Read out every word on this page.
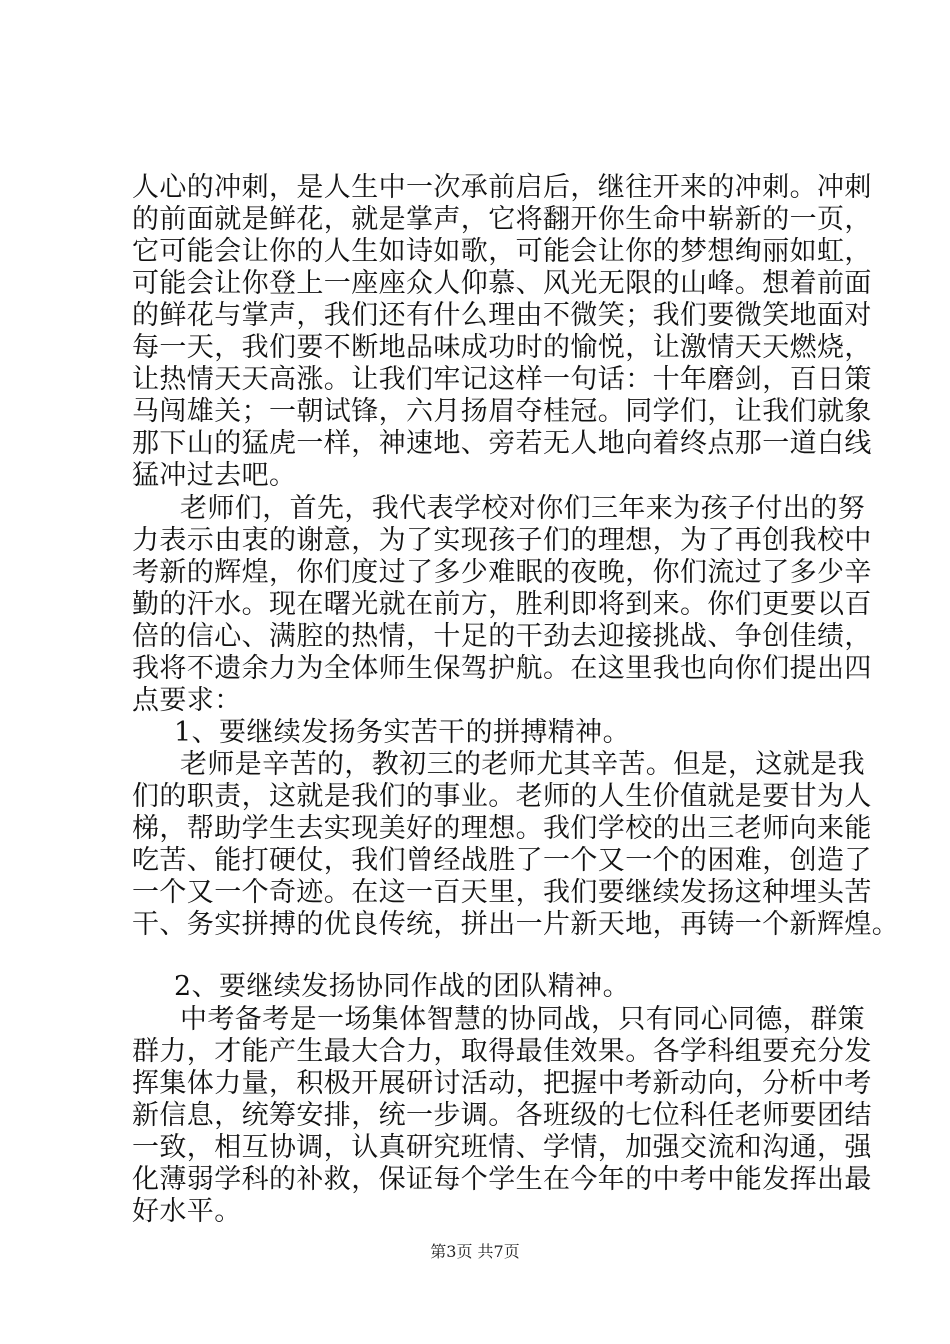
人心的冲刺，是人生中一次承前启后，继往开来的冲刺。冲刺
的前面就是鲜花，就是掌声，它将翻开你生命中崭新的一页，
它可能会让你的人生如诗如歌，可能会让你的梦想绚丽如虹，
可能会让你登上一座座众人仰慕、风光无限的山峰。想着前面
的鲜花与掌声，我们还有什么理由不微笑；我们要微笑地面对
每一天，我们要不断地品味成功时的愉悦，让激情天天燃烧，
让热情天天高涨。让我们牢记这样一句话：十年磨剑，百日策
马闯雄关；一朝试锋，六月扬眉夺桂冠。同学们，让我们就象
那下山的猛虎一样，神速地、旁若无人地向着终点那一道白线
猛冲过去吧。
老师们，首先，我代表学校对你们三年来为孩子付出的努
力表示由衷的谢意，为了实现孩子们的理想，为了再创我校中
考新的辉煌，你们度过了多少难眠的夜晚，你们流过了多少辛
勤的汗水。现在曙光就在前方，胜利即将到来。你们更要以百
倍的信心、满腔的热情，十足的干劲去迎接挑战、争创佳绩，
我将不遗余力为全体师生保驾护航。在这里我也向你们提出四
点要求：
1、要继续发扬务实苦干的拼搏精神。
老师是辛苦的，教初三的老师尤其辛苦。但是，这就是我
们的职责，这就是我们的事业。老师的人生价值就是要甘为人
梯，帮助学生去实现美好的理想。我们学校的出三老师向来能
吃苦、能打硬仗，我们曾经战胜了一个又一个的困难，创造了
一个又一个奇迹。在这一百天里，我们要继续发扬这种埋头苦
干、务实拼搏的优良传统，拼出一片新天地，再铸一个新辉煌。
2、要继续发扬协同作战的团队精神。
中考备考是一场集体智慧的协同战，只有同心同德，群策
群力，才能产生最大合力，取得最佳效果。各学科组要充分发
挥集体力量，积极开展研讨活动，把握中考新动向，分析中考
新信息，统筹安排，统一步调。各班级的七位科任老师要团结
一致，相互协调，认真研究班情、学情，加强交流和沟通，强
化薄弱学科的补救，保证每个学生在今年的中考中能发挥出最
好水平。
第3页 共7页
